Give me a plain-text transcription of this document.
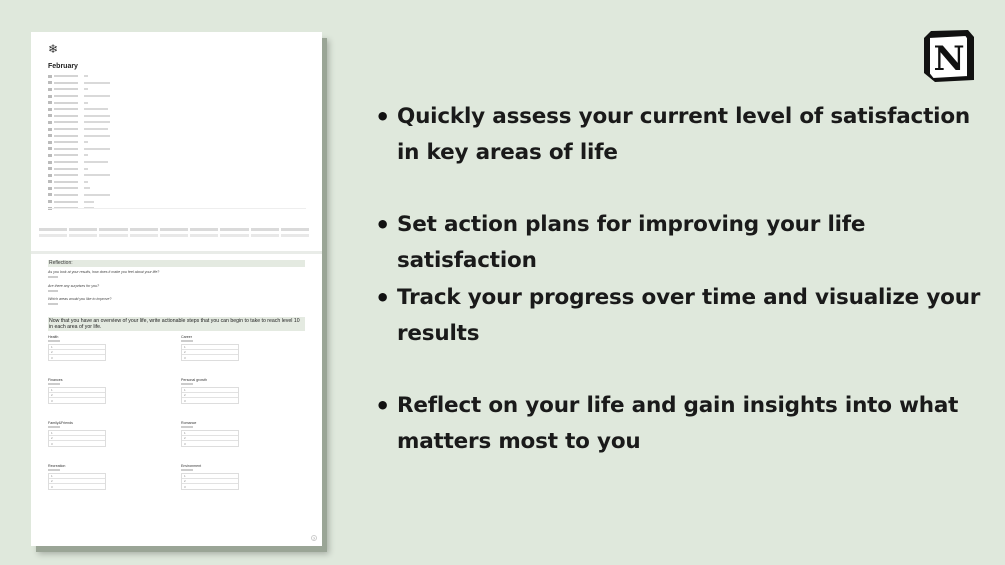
❄
February
Reflection:
As you look at your results, how does it make you feel about your life?
Are there any surprises for you?
Which areas would you like to improve?
Now that you have an overview of your life, write actionable steps that you can begin to take to reach level 10 in each area of yor life.
Health
1
2
3
Career
1
2
3
Finances
1
2
3
Personal growth
1
2
3
Family&Friends
1
2
3
Romance
1
2
3
Recreation
1
2
3
Environment
1
2
3
?
• Quickly assess your current level of satisfaction in key areas of life
• Set action plans for improving your life satisfaction
• Track your progress over time and visualize your results
• Reflect on your life and gain insights into what matters most to you
N
